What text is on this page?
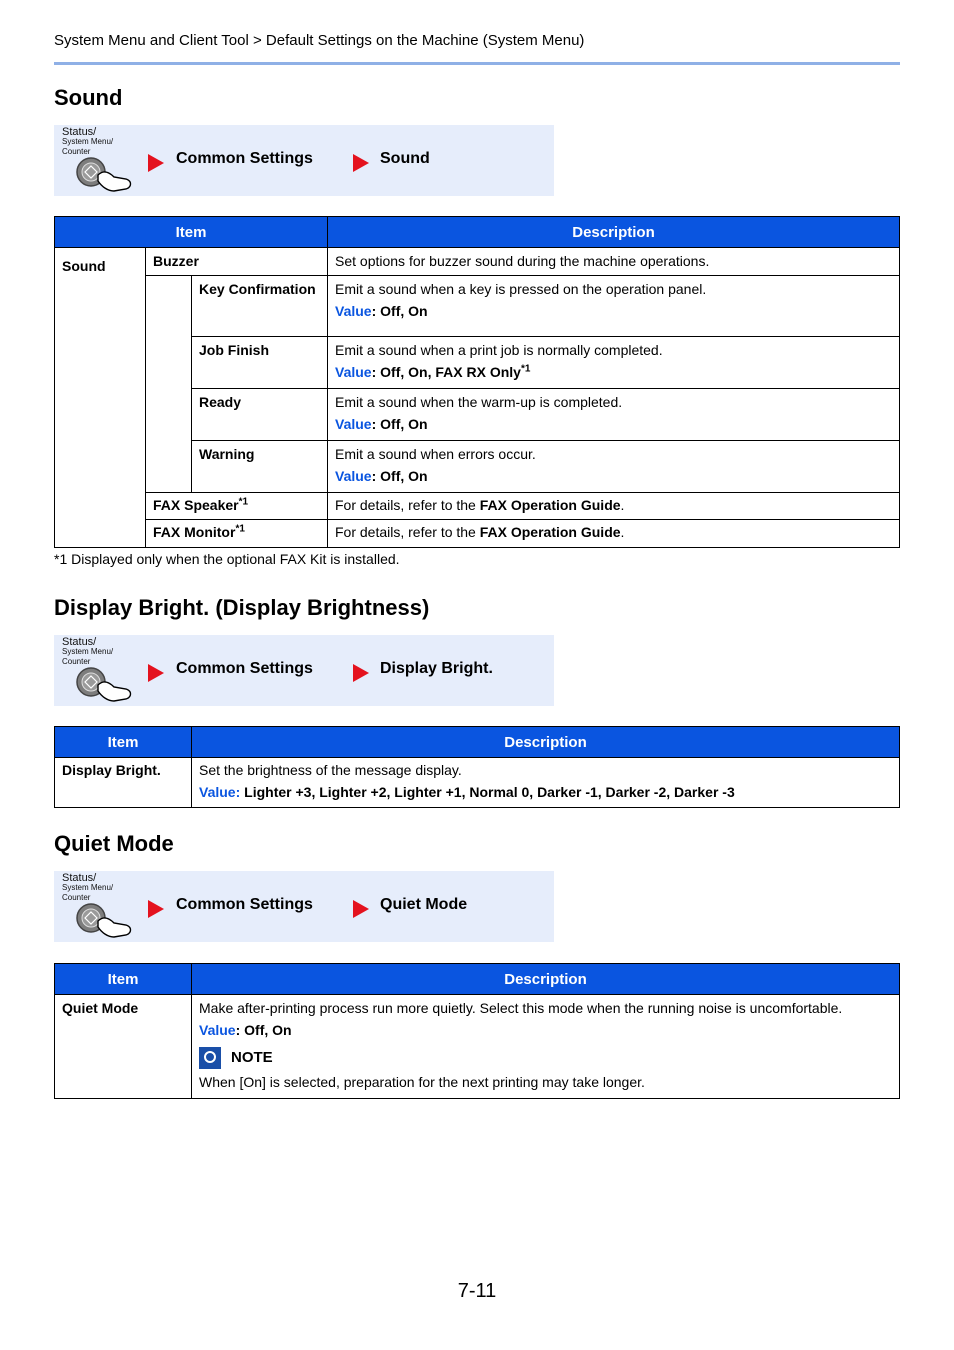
System Menu and Client Tool > Default Settings on the Machine (System Menu)
Sound
Status/
System Menu/
Counter	Common Settings	Sound
Item			Description
Sound	Buzzer		Set options for buzzer sound during the machine operations.
		Key Confirmation	Emit a sound when a key is pressed on the operation panel.
Value: Off, On

		Job Finish	Emit a sound when a print job is normally completed.
Value: Off, On, FAX RX Only$^{*1}$

		Ready	Emit a sound when the warm-up is completed.
Value: Off, On

		Warning	Emit a sound when errors occur.
Value: Off, On

	FAX Speaker$^{*1}$		For details, refer to the FAX Operation Guide.
	FAX Monitor$^{*1}$		For details, refer to the FAX Operation Guide.

*1 Displayed only when the optional FAX Kit is installed.
Display Bright. (Display Brightness)
Status/
System Menu/
Counter	Common Settings	Display Bright.
Item	Description
Display Bright.	Set the brightness of the message display.
Value: Lighter +3, Lighter +2, Lighter +1, Normal 0, Darker -1, Darker -2, Darker -3
Quiet Mode
Status/
System Menu/
Counter	Common Settings	Quiet Mode
Item	Description
Quiet Mode	Make after-printing process run more quietly. Select this mode when the running noise is uncomfortable.
Value: Off, On
NOTE
When [On] is selected, preparation for the next printing may take longer.
7-11
